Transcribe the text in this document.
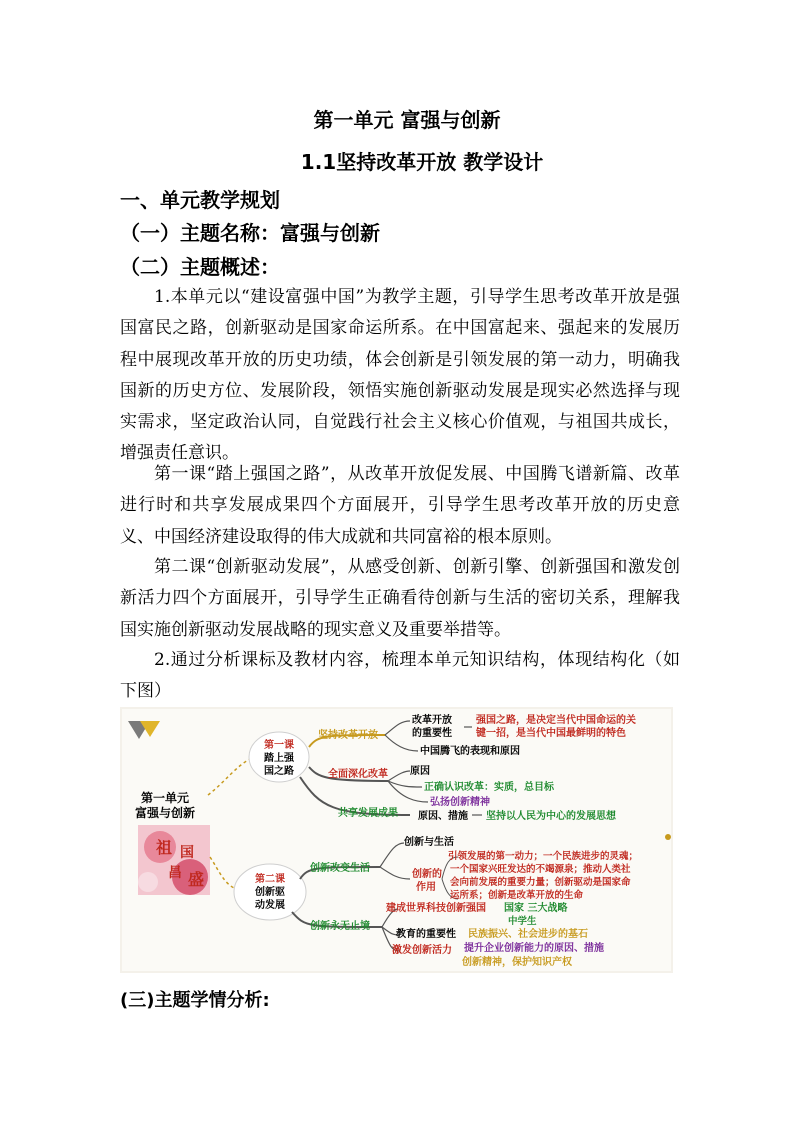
第一单元 富强与创新
1.1坚持改革开放 教学设计
一、单元教学规划
（一）主题名称：富强与创新
（二）主题概述：
1.本单元以“建设富强中国”为教学主题，引导学生思考改革开放是强国富民之路，创新驱动是国家命运所系。在中国富起来、强起来的发展历程中展现改革开放的历史功绩，体会创新是引领发展的第一动力，明确我国新的历史方位、发展阶段，领悟实施创新驱动发展是现实必然选择与现实需求，坚定政治认同，自觉践行社会主义核心价值观，与祖国共成长，增强责任意识。
第一课“踏上强国之路”，从改革开放促发展、中国腾飞谱新篇、改革进行时和共享发展成果四个方面展开，引导学生思考改革开放的历史意义、中国经济建设取得的伟大成就和共同富裕的根本原则。
第二课“创新驱动发展”，从感受创新、创新引擎、创新强国和激发创新活力四个方面展开，引导学生正确看待创新与生活的密切关系，理解我国实施创新驱动发展战略的现实意义及重要举措等。
2.通过分析课标及教材内容，梳理本单元知识结构，体现结构化（如下图）
第一单元
富强与创新
祖 国
昌 盛
第一课
踏上强
国之路
坚持改革开放
全面深化改革
共享发展成果
改革开放
的重要性
强国之路，是决定当代中国命运的关
键一招，是当代中国最鲜明的特色
中国腾飞的表现和原因
原因
正确认识改革：实质，总目标
弘扬创新精神
原因、措施 坚持以人民为中心的发展思想
第二课
创新驱
动发展
创新改变生活
创新永无止境
创新与生活
创新的
作用
引领发展的第一动力；一个民族进步的灵魂；
一个国家兴旺发达的不竭源泉；推动人类社
会向前发展的重要力量；创新驱动是国家命
运所系；创新是改革开放的生命
建成世界科技创新强国 国家 三大战略
中学生
教育的重要性 民族振兴、社会进步的基石
激发创新活力 提升企业创新能力的原因、措施
创新精神，保护知识产权
(三)主题学情分析:
